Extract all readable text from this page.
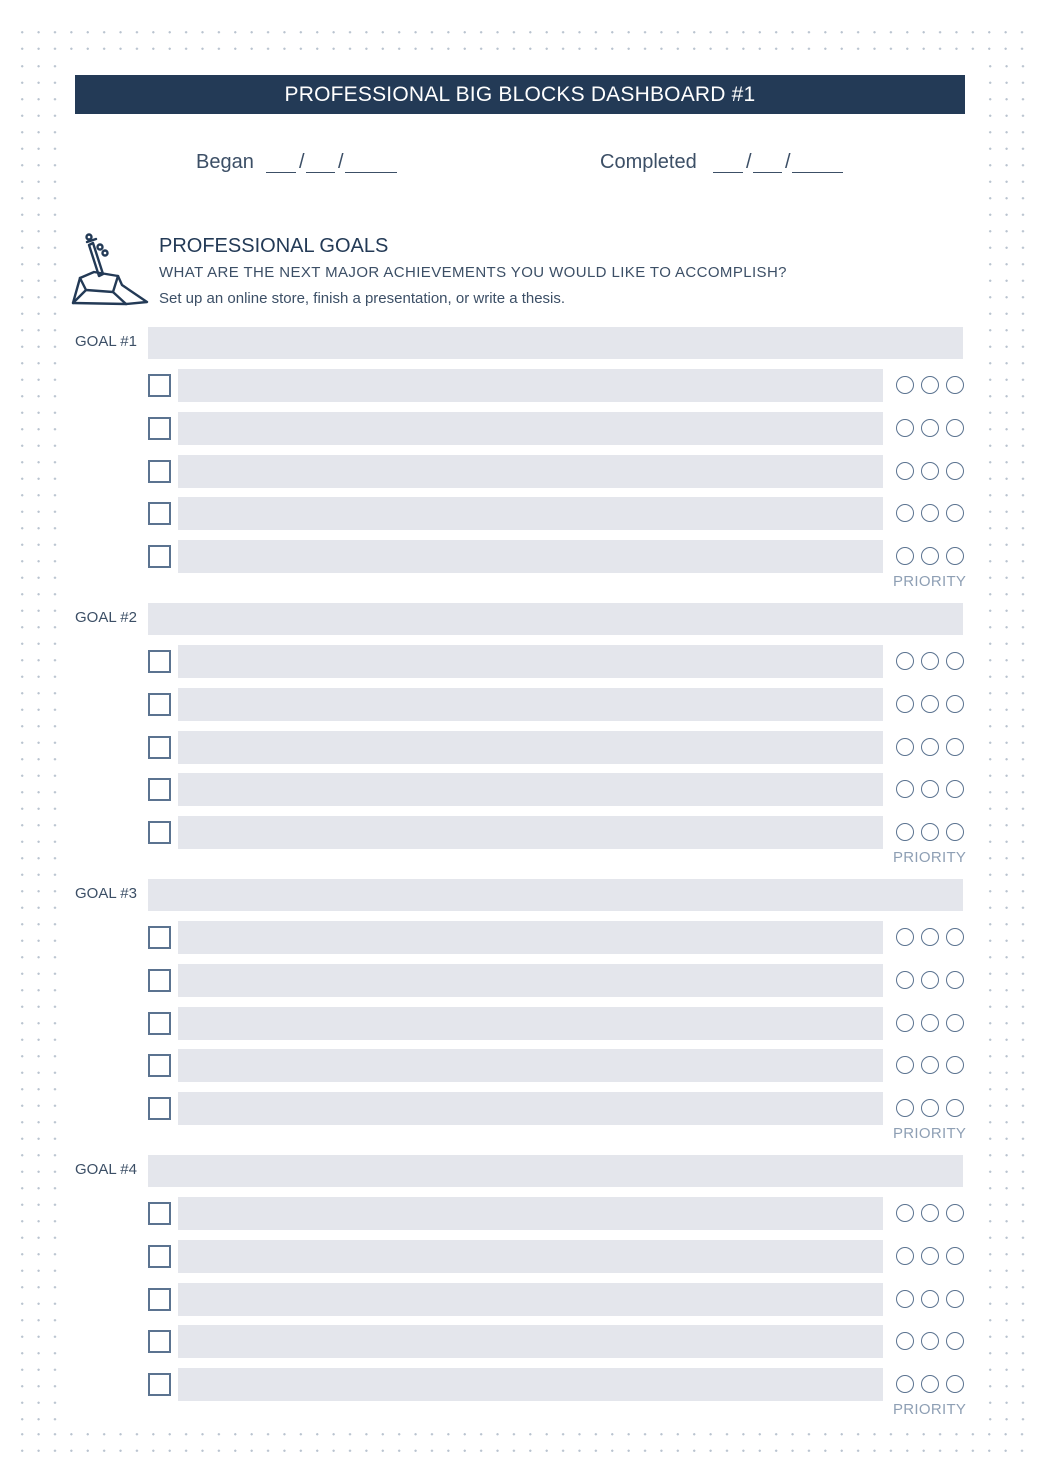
PROFESSIONAL BIG BLOCKS DASHBOARD #1
Began / /	Completed / /
PROFESSIONAL GOALS
WHAT ARE THE NEXT MAJOR ACHIEVEMENTS YOU WOULD LIKE TO ACCOMPLISH?
Set up an online store, finish a presentation, or write a thesis.
GOAL #1
PRIORITY
GOAL #2
PRIORITY
GOAL #3
PRIORITY
GOAL #4
PRIORITY
